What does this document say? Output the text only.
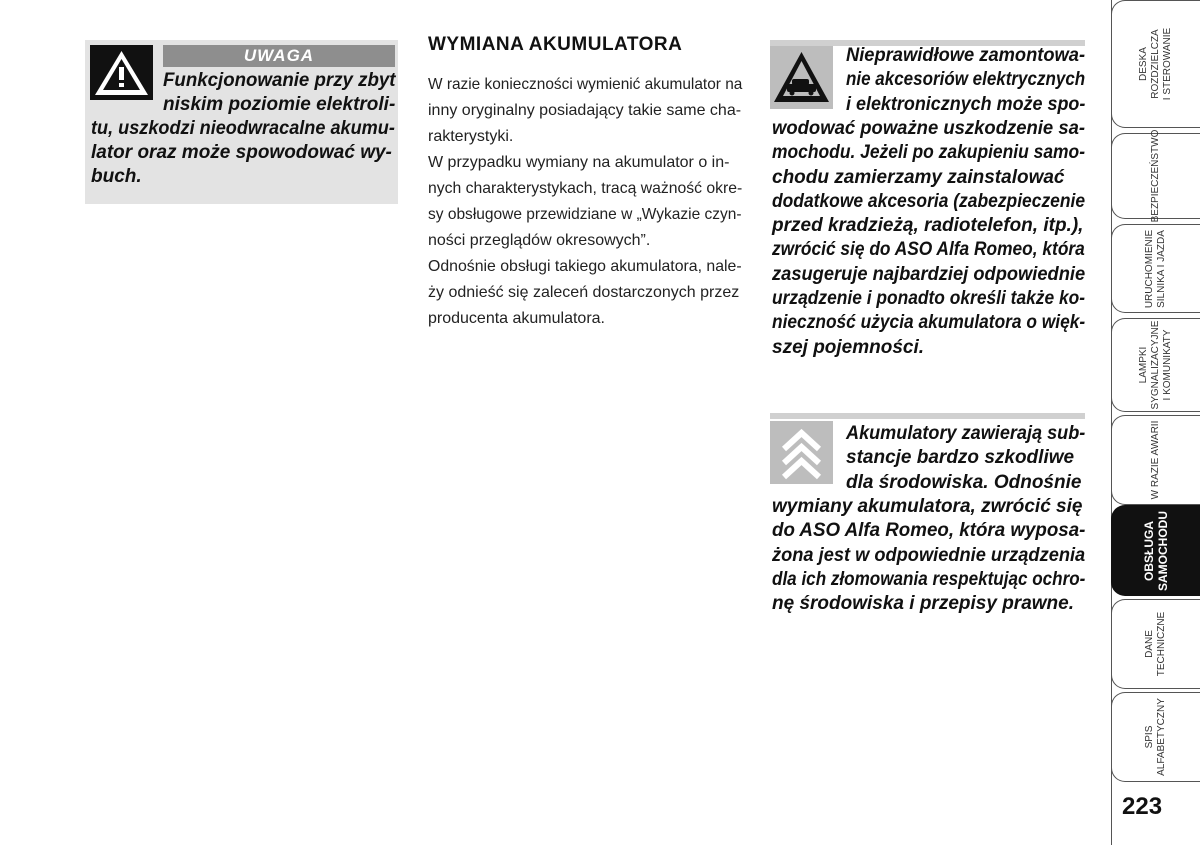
UWAGA
Funkcjonowanie przy zbyt
niskim poziomie elektroli-
tu, uszkodzi nieodwracalne akumu-
lator oraz może spowodować wy-
buch.
WYMIANA AKUMULATORA
W razie konieczności wymienić akumulator na
inny oryginalny posiadający takie same cha-
rakterystyki.
W przypadku wymiany na akumulator o in-
nych charakterystykach, tracą ważność okre-
sy obsługowe przewidziane w „Wykazie czyn-
ności przeglądów okresowych”.
Odnośnie obsługi takiego akumulatora, nale-
ży odnieść się zaleceń dostarczonych przez
producenta akumulatora.
Nieprawidłowe zamontowa-
nie akcesoriów elektrycznych
i elektronicznych może spo-
wodować poważne uszkodzenie sa-
mochodu. Jeżeli po zakupieniu samo-
chodu zamierzamy zainstalować
dodatkowe akcesoria (zabezpieczenie
przed kradzieżą, radiotelefon, itp.),
zwrócić się do ASO Alfa Romeo, która
zasugeruje najbardziej odpowiednie
urządzenie i ponadto określi także ko-
nieczność użycia akumulatora o więk-
szej pojemności.
Akumulatory zawierają sub-
stancje bardzo szkodliwe
dla środowiska. Odnośnie
wymiany akumulatora, zwrócić się
do ASO Alfa Romeo, która wyposa-
żona jest w odpowiednie urządzenia
dla ich złomowania respektując ochro-
nę środowiska i przepisy prawne.
DESKA ROZDZIELCZA I STEROWANIE
BEZPIECZEŃSTWO
URUCHOMIENIE SILNIKA I JAZDA
LAMPKI SYGNALIZACYJNE I KOMUNIKATY
W RAZIE AWARII
OBSŁUGA SAMOCHODU
DANE TECHNICZNE
SPIS ALFABETYCZNY
223
